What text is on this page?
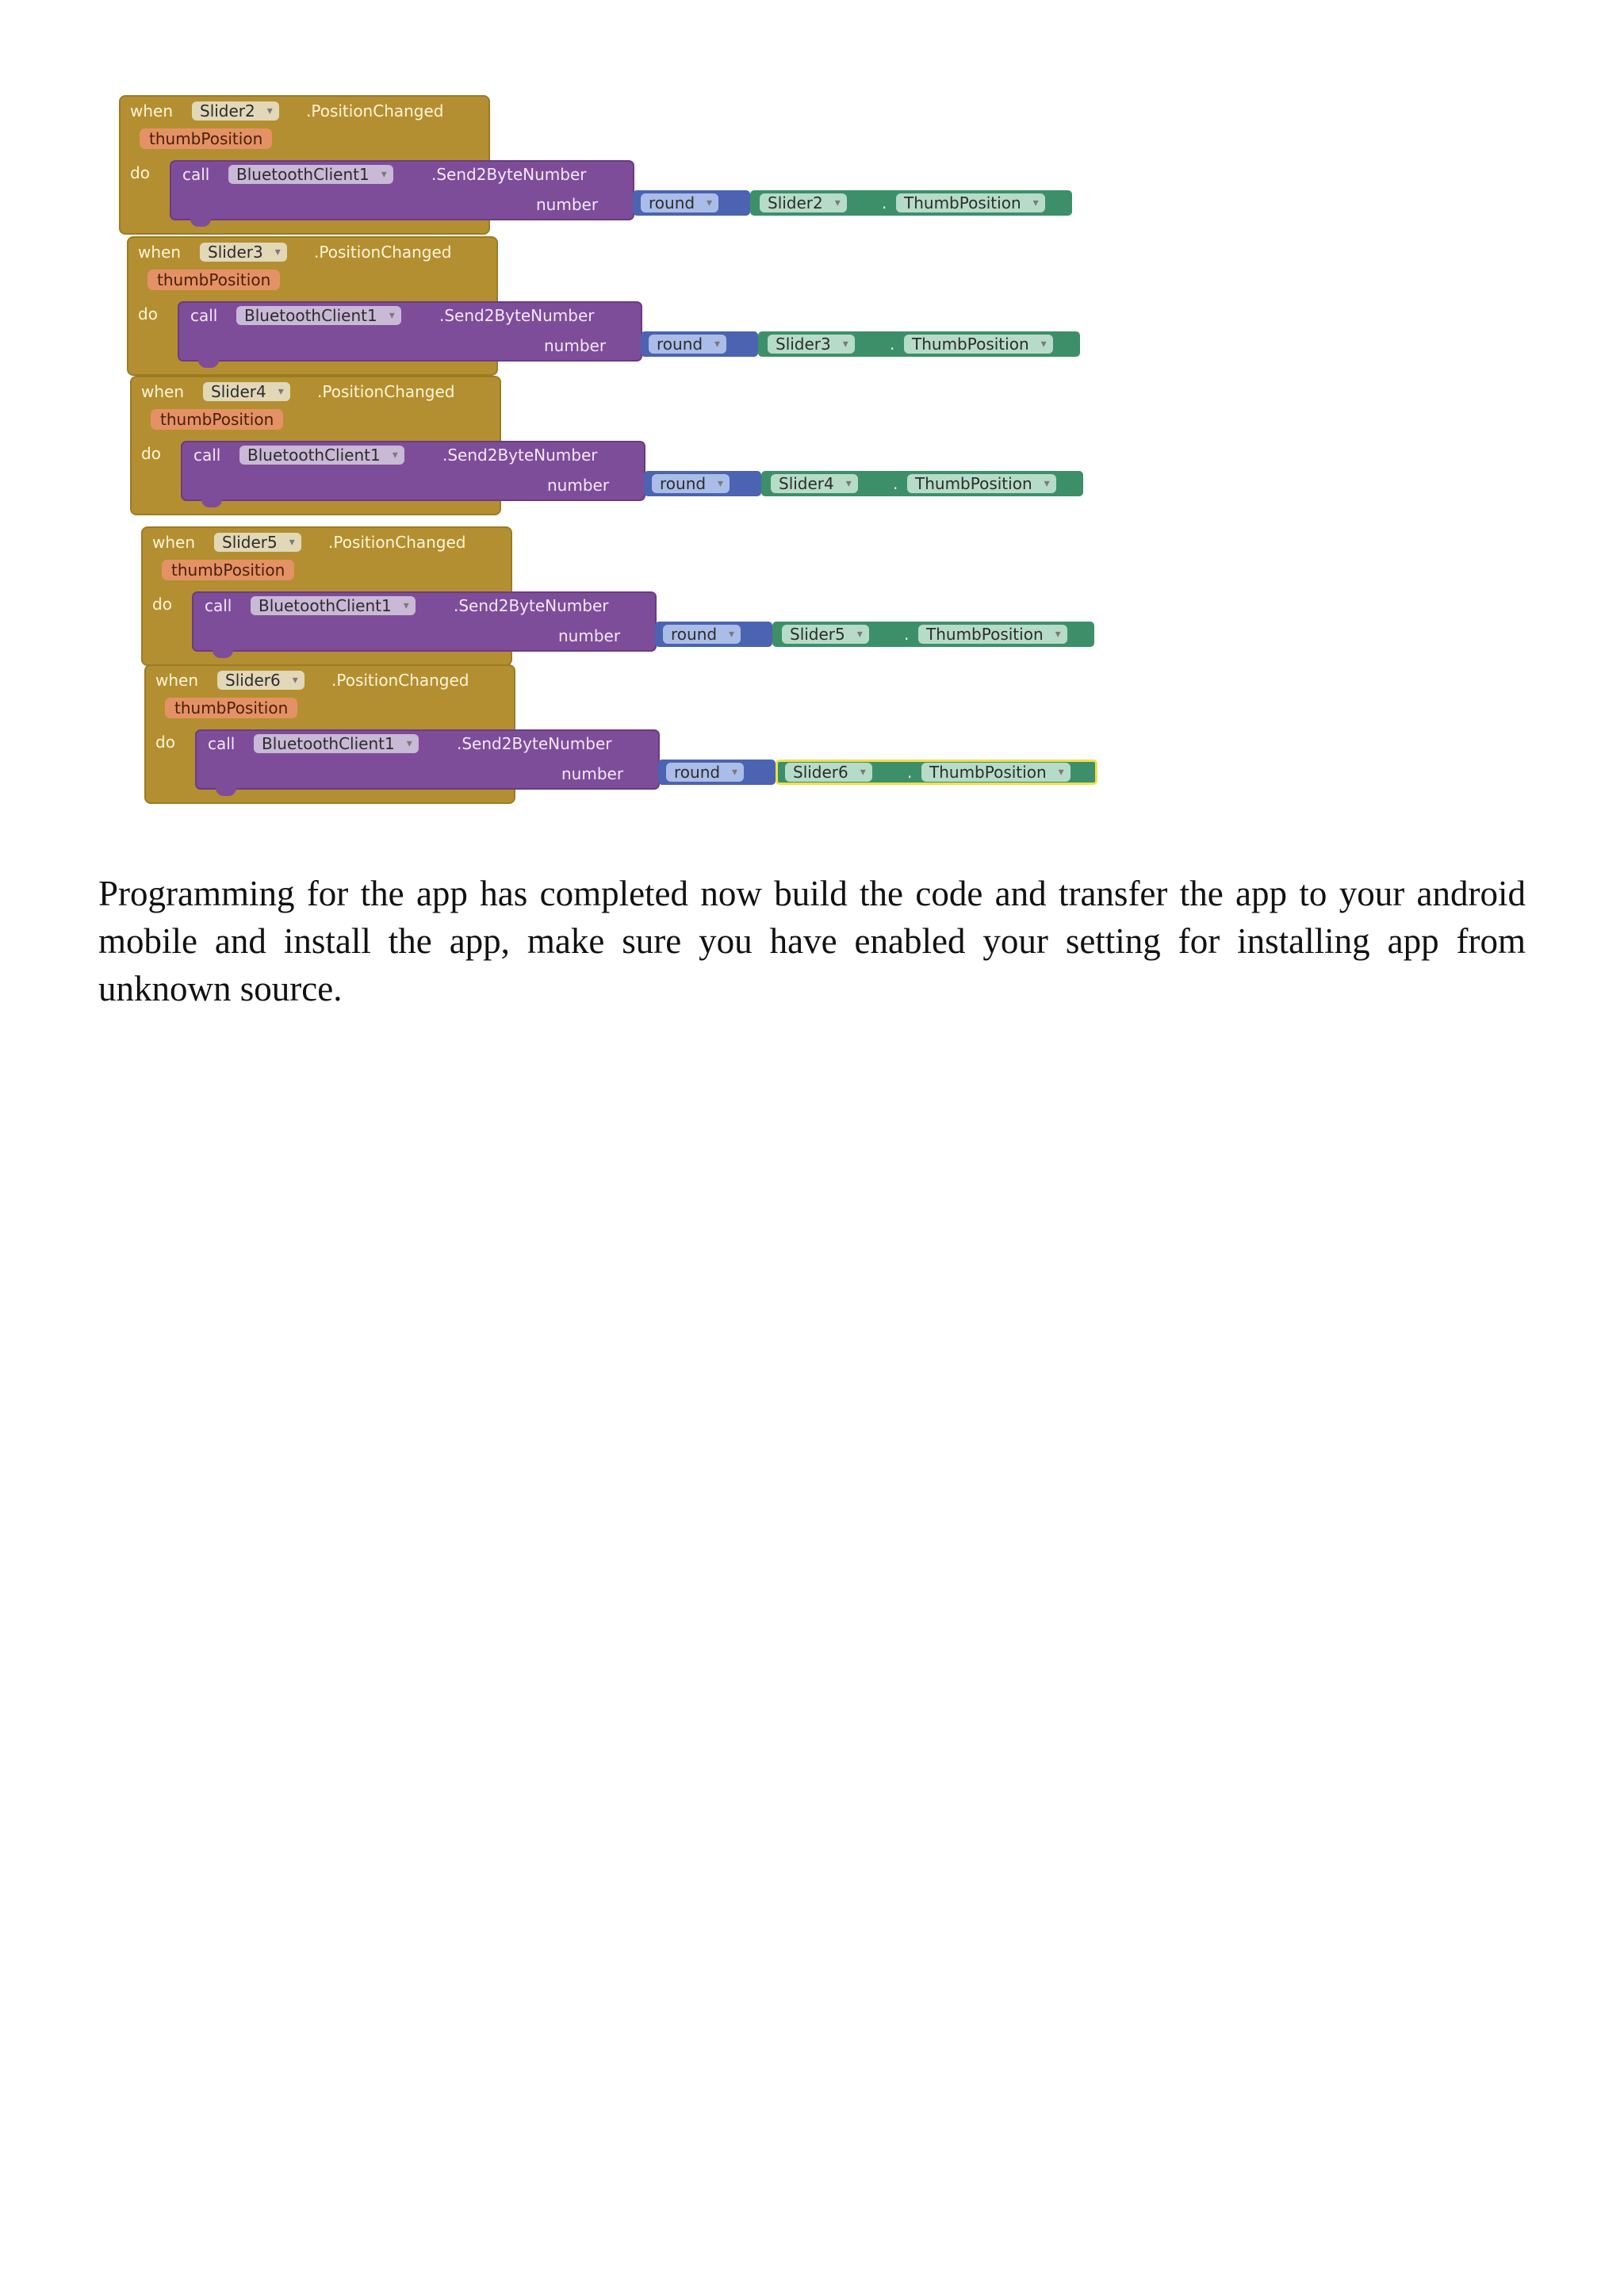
when	Slider2 ▾ .PositionChanged
thumbPosition
do call	BluetoothClient1 ▾	.Send2ByteNumber
number	round ▾	Slider2 ▾	.	ThumbPosition ▾
when	Slider3 ▾ .PositionChanged
thumbPosition
do call	BluetoothClient1 ▾	.Send2ByteNumber
number	round ▾	Slider3 ▾	.	ThumbPosition ▾
when	Slider4 ▾ .PositionChanged
thumbPosition
do call	BluetoothClient1 ▾	.Send2ByteNumber
number	round ▾	Slider4 ▾	.	ThumbPosition ▾
when	Slider5 ▾ .PositionChanged
thumbPosition
do call	BluetoothClient1 ▾	.Send2ByteNumber
number	round ▾	Slider5 ▾	.	ThumbPosition ▾
when	Slider6 ▾ .PositionChanged
thumbPosition
do call	BluetoothClient1 ▾	.Send2ByteNumber
number	round ▾	Slider6 ▾	.	ThumbPosition ▾

Programming for the app has completed now build the code and transfer the app to your android mobile and install the app, make sure you have enabled your setting for installing app from unknown source.
